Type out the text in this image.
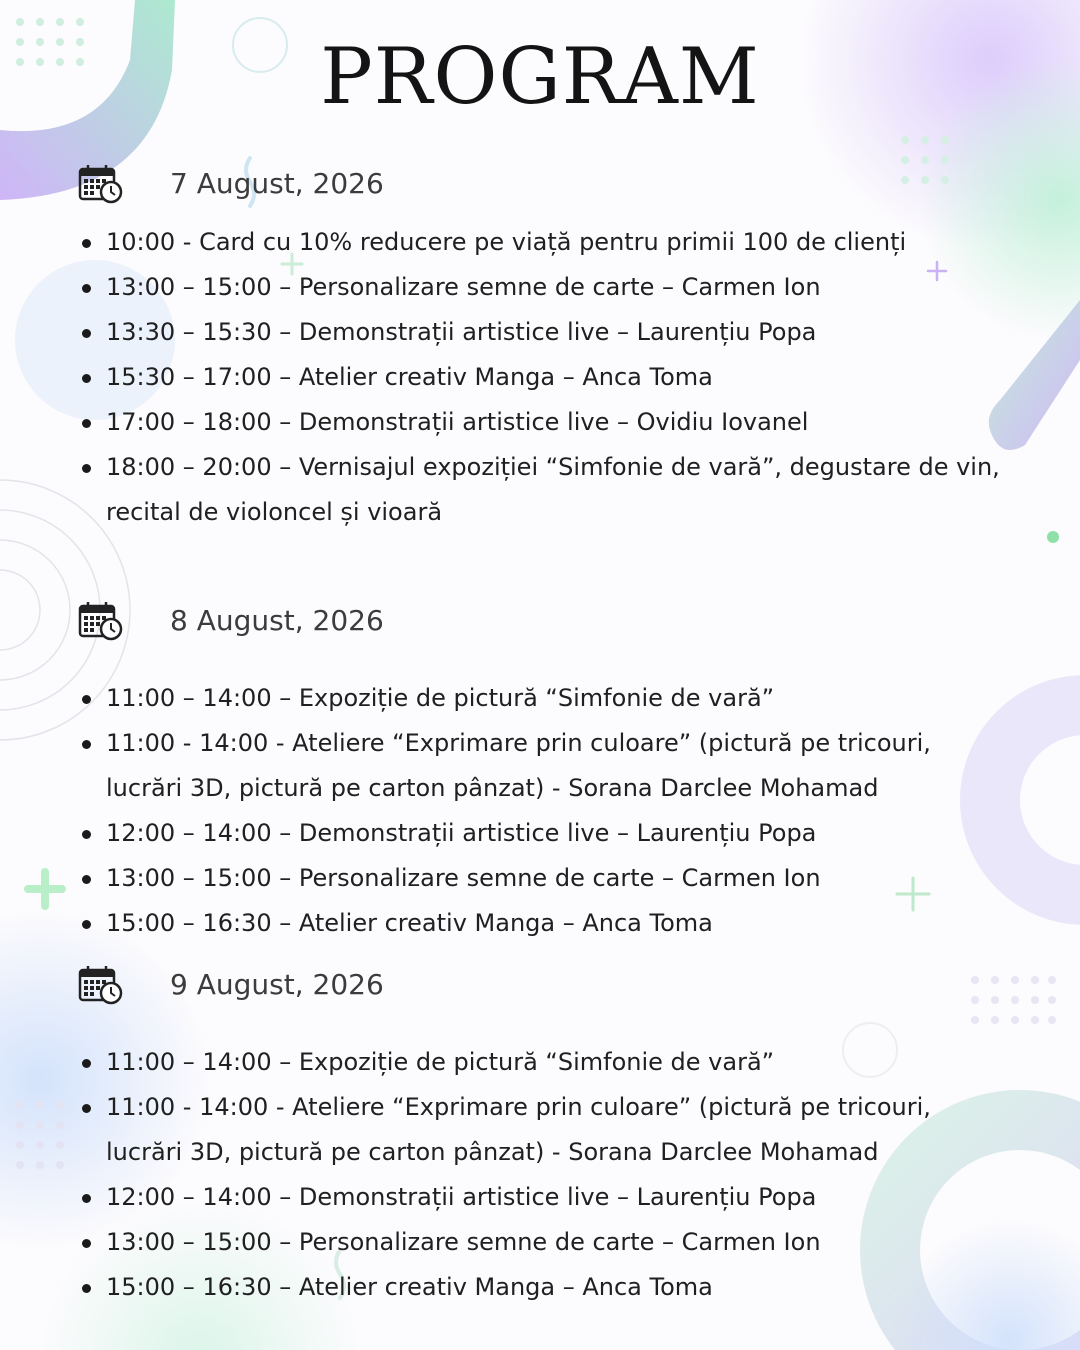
PROGRAM
7 August, 2026
10:00 - Card cu 10% reducere pe viață pentru primii 100 de clienți
13:00 – 15:00 – Personalizare semne de carte – Carmen Ion
13:30 – 15:30 – Demonstrații artistice live – Laurențiu Popa
15:30 – 17:00 – Atelier creativ Manga – Anca Toma
17:00 – 18:00 – Demonstrații artistice live – Ovidiu Iovanel
18:00 – 20:00 – Vernisajul expoziției “Simfonie de vară”, degustare de vin,
recital de violoncel și vioară
8 August, 2026
11:00 – 14:00 – Expoziție de pictură “Simfonie de vară”
11:00 - 14:00 - Ateliere “Exprimare prin culoare” (pictură pe tricouri,
lucrări 3D, pictură pe carton pânzat) - Sorana Darclee Mohamad
12:00 – 14:00 – Demonstrații artistice live – Laurențiu Popa
13:00 – 15:00 – Personalizare semne de carte – Carmen Ion
15:00 – 16:30 – Atelier creativ Manga – Anca Toma
9 August, 2026
11:00 – 14:00 – Expoziție de pictură “Simfonie de vară”
11:00 - 14:00 - Ateliere “Exprimare prin culoare” (pictură pe tricouri,
lucrări 3D, pictură pe carton pânzat) - Sorana Darclee Mohamad
12:00 – 14:00 – Demonstrații artistice live – Laurențiu Popa
13:00 – 15:00 – Personalizare semne de carte – Carmen Ion
15:00 – 16:30 – Atelier creativ Manga – Anca Toma
